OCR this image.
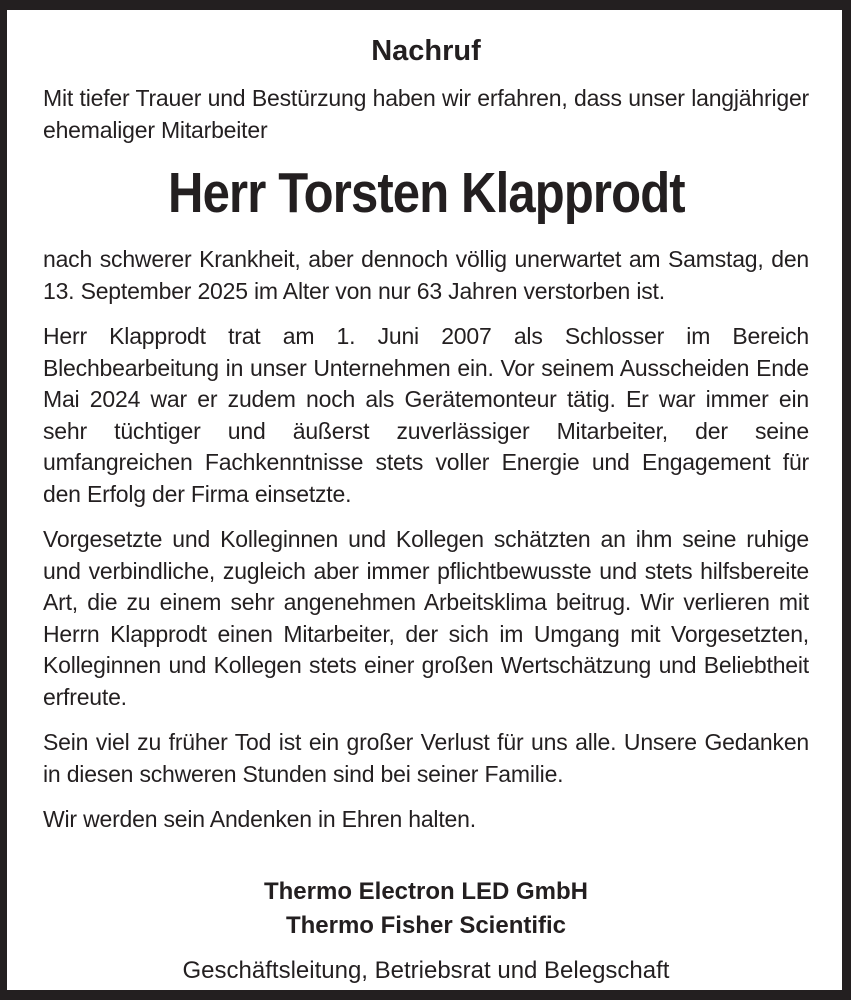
Nachruf

Mit tiefer Trauer und Bestürzung haben wir erfahren, dass unser langjähriger ehemaliger Mitarbeiter

Herr Torsten Klapprodt

nach schwerer Krankheit, aber dennoch völlig unerwartet am Samstag, den 13. September 2025 im Alter von nur 63 Jahren verstorben ist.

Herr Klapprodt trat am 1. Juni 2007 als Schlosser im Bereich Blechbearbeitung in unser Unternehmen ein. Vor seinem Ausscheiden Ende Mai 2024 war er zudem noch als Gerätemonteur tätig. Er war immer ein sehr tüchtiger und äußerst zuverlässiger Mitarbeiter, der seine umfangreichen Fachkenntnisse stets voller Energie und Engagement für den Erfolg der Firma einsetzte.

Vorgesetzte und Kolleginnen und Kollegen schätzten an ihm seine ruhige und verbindliche, zugleich aber immer pflichtbewusste und stets hilfsbereite Art, die zu einem sehr angenehmen Arbeitsklima beitrug. Wir verlieren mit Herrn Klapprodt einen Mitarbeiter, der sich im Umgang mit Vorgesetzten, Kolleginnen und Kollegen stets einer großen Wertschätzung und Beliebtheit erfreute.

Sein viel zu früher Tod ist ein großer Verlust für uns alle. Unsere Gedanken in diesen schweren Stunden sind bei seiner Familie.

Wir werden sein Andenken in Ehren halten.

Thermo Electron LED GmbH

Thermo Fisher Scientific

Geschäftsleitung, Betriebsrat und Belegschaft
